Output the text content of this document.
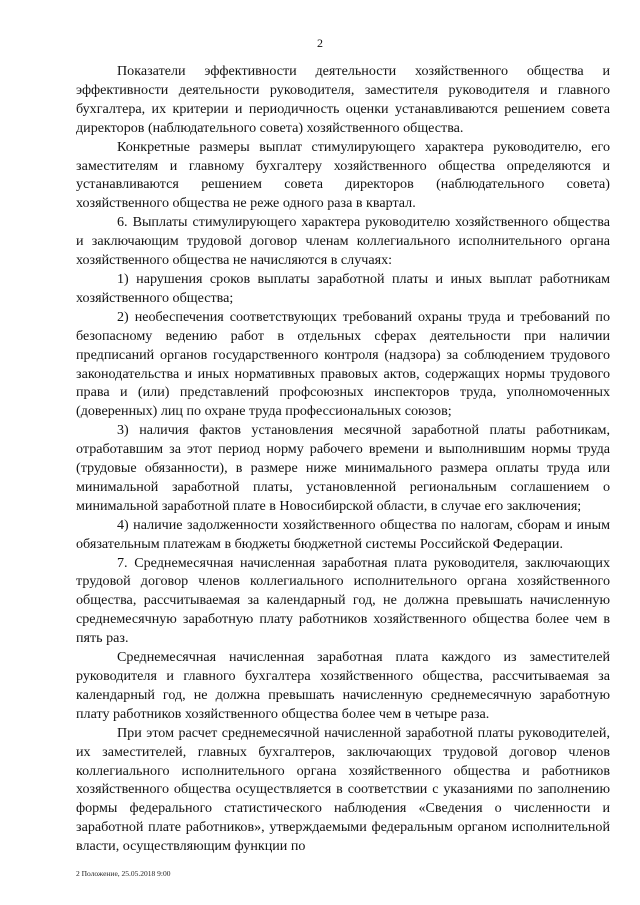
2

Показатели эффективности деятельности хозяйственного общества и эффективности деятельности руководителя, заместителя руководителя и главного бухгалтера, их критерии и периодичность оценки устанавливаются решением совета директоров (наблюдательного совета) хозяйственного общества.

Конкретные размеры выплат стимулирующего характера руководителю, его заместителям и главному бухгалтеру хозяйственного общества определяются и устанавливаются решением совета директоров (наблюдательного совета) хозяйственного общества не реже одного раза в квартал.

6. Выплаты стимулирующего характера руководителю хозяйственного общества и заключающим трудовой договор членам коллегиального исполнительного органа хозяйственного общества не начисляются в случаях:

1) нарушения сроков выплаты заработной платы и иных выплат работникам хозяйственного общества;

2) необеспечения соответствующих требований охраны труда и требований по безопасному ведению работ в отдельных сферах деятельности при наличии предписаний органов государственного контроля (надзора) за соблюдением трудового законодательства и иных нормативных правовых актов, содержащих нормы трудового права и (или) представлений профсоюзных инспекторов труда, уполномоченных (доверенных) лиц по охране труда профессиональных союзов;

3) наличия фактов установления месячной заработной платы работникам, отработавшим за этот период норму рабочего времени и выполнившим нормы труда (трудовые обязанности), в размере ниже минимального размера оплаты труда или минимальной заработной платы, установленной региональным соглашением о минимальной заработной плате в Новосибирской области, в случае его заключения;

4) наличие задолженности хозяйственного общества по налогам, сборам и иным обязательным платежам в бюджеты бюджетной системы Российской Федерации.

7. Среднемесячная начисленная заработная плата руководителя, заключающих трудовой договор членов коллегиального исполнительного органа хозяйственного общества, рассчитываемая за календарный год, не должна превышать начисленную среднемесячную заработную плату работников хозяйственного общества более чем в пять раз.

Среднемесячная начисленная заработная плата каждого из заместителей руководителя и главного бухгалтера хозяйственного общества, рассчитываемая за календарный год, не должна превышать начисленную среднемесячную заработную плату работников хозяйственного общества более чем в четыре раза.

При этом расчет среднемесячной начисленной заработной платы руководителей, их заместителей, главных бухгалтеров, заключающих трудовой договор членов коллегиального исполнительного органа хозяйственного общества и работников хозяйственного общества осуществляется в соответствии с указаниями по заполнению формы федерального статистического наблюдения «Сведения о численности и заработной плате работников», утверждаемыми федеральным органом исполнительной власти, осуществляющим функции по

2 Положение, 25.05.2018 9:00
